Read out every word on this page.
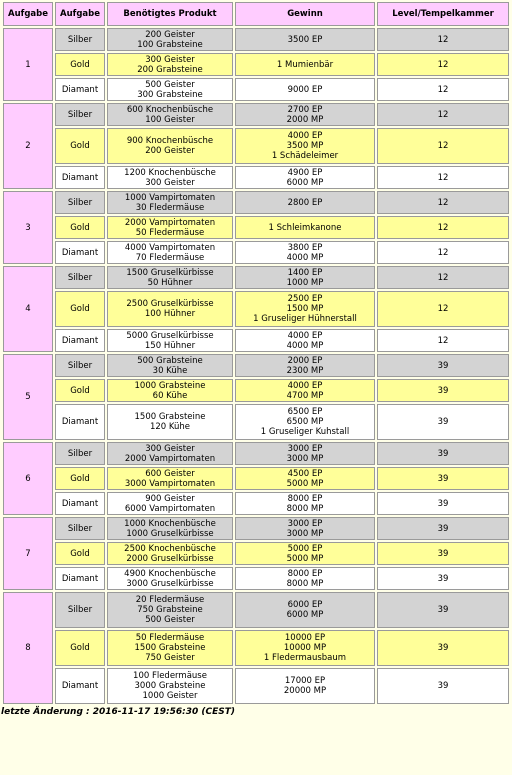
Aufgabe	Aufgabe	Benötigtes Produkt	Gewinn	Level/Tempelkammer
1	Silber	200 Geister
100 Grabsteine	3500 EP	12
	Gold	300 Geister
200 Grabsteine	1 Mumienbär	12
	Diamant	500 Geister
300 Grabsteine	9000 EP	12
2	Silber	600 Knochenbüsche
100 Geister	2700 EP
2000 MP	12
	Gold	900 Knochenbüsche
200 Geister	4000 EP
3500 MP
1 Schädeleimer	12
	Diamant	1200 Knochenbüsche
300 Geister	4900 EP
6000 MP	12
3	Silber	1000 Vampirtomaten
30 Fledermäuse	2800 EP	12
	Gold	2000 Vampirtomaten
50 Fledermäuse	1 Schleimkanone	12
	Diamant	4000 Vampirtomaten
70 Fledermäuse	3800 EP
4000 MP	12
4	Silber	1500 Gruselkürbisse
50 Hühner	1400 EP
1000 MP	12
	Gold	2500 Gruselkürbisse
100 Hühner	2500 EP
1500 MP
1 Gruseliger Hühnerstall	12
	Diamant	5000 Gruselkürbisse
150 Hühner	4000 EP
4000 MP	12
5	Silber	500 Grabsteine
30 Kühe	2000 EP
2300 MP	39
	Gold	1000 Grabsteine
60 Kühe	4000 EP
4700 MP	39
	Diamant	1500 Grabsteine
120 Kühe	6500 EP
6500 MP
1 Gruseliger Kuhstall	39
6	Silber	300 Geister
2000 Vampirtomaten	3000 EP
3000 MP	39
	Gold	600 Geister
3000 Vampirtomaten	4500 EP
5000 MP	39
	Diamant	900 Geister
6000 Vampirtomaten	8000 EP
8000 MP	39
7	Silber	1000 Knochenbüsche
1000 Gruselkürbisse	3000 EP
3000 MP	39
	Gold	2500 Knochenbüsche
2000 Gruselkürbisse	5000 EP
5000 MP	39
	Diamant	4900 Knochenbüsche
3000 Gruselkürbisse	8000 EP
8000 MP	39
8	Silber	20 Fledermäuse
750 Grabsteine
500 Geister	6000 EP
6000 MP	39
	Gold	50 Fledermäuse
1500 Grabsteine
750 Geister	10000 EP
10000 MP
1 Fledermausbaum	39
	Diamant	100 Fledermäuse
3000 Grabsteine
1000 Geister	17000 EP
20000 MP	39
letzte Änderung : 2016-11-17 19:56:30 (CEST)
